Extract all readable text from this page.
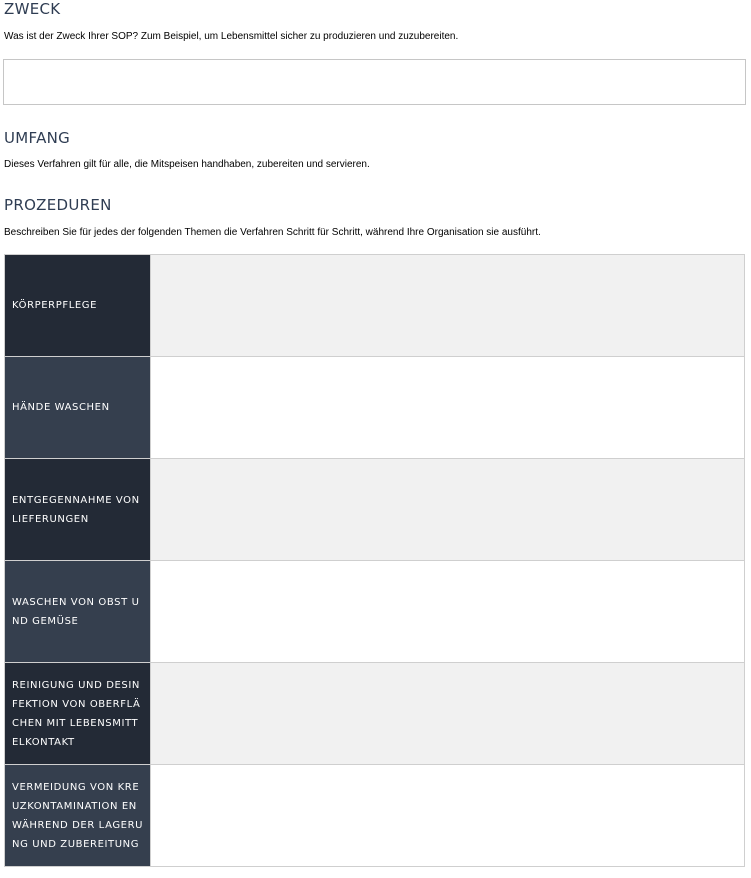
ZWECK

Was ist der Zweck Ihrer SOP? Zum Beispiel, um Lebensmittel sicher zu produzieren und zuzubereiten.

UMFANG

Dieses Verfahren gilt für alle, die Mitspeisen handhaben, zubereiten und servieren.

PROZEDUREN

Beschreiben Sie für jedes der folgenden Themen die Verfahren Schritt für Schritt, während Ihre Organisation sie ausführt.

KÖRPERPFLEGE	
HÄNDE WASCHEN	
ENTGEGENNAHME VON LIEFERUNGEN	
WASCHEN VON OBST UND GEMÜSE	
REINIGUNG UND DESINFEKTION VON OBERFLÄCHEN MIT LEBENSMITTELKONTAKT	
VERMEIDUNG VON KREUZKONTAMINATION EN WÄHREND DER LAGERUNG UND ZUBEREITUNG	
